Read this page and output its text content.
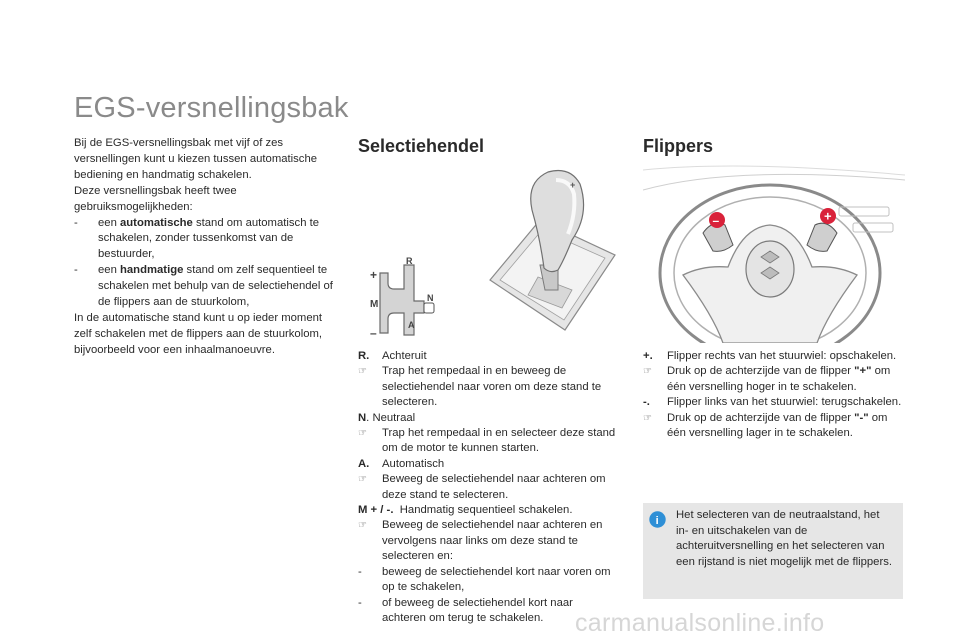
EGS-versnellingsbak

Bij de EGS-versnellingsbak met vijf of zes versnellingen kunt u kiezen tussen automatische bediening en handmatig schakelen.

Deze versnellingsbak heeft twee gebruiksmogelijkheden:

- een automatische stand om automatisch te schakelen, zonder tussenkomst van de bestuurder,

- een handmatige stand om zelf sequentieel te schakelen met behulp van de selectiehendel of de flippers aan de stuurkolom,

In de automatische stand kunt u op ieder moment zelf schakelen met de flippers aan de stuurkolom, bijvoorbeeld voor een inhaalmanoeuvre.

Selectiehendel	Flippers
+
M
–
R
N
A
+
–	+
R.	Achteruit
☞	Trap het rempedaal in en beweeg de selectiehendel naar voren om deze stand te selecteren.
N. Neutraal
☞	Trap het rempedaal in en selecteer deze stand om de motor te kunnen starten.
A.	Automatisch
☞	Beweeg de selectiehendel naar achteren om deze stand te selecteren.
M + / -. Handmatig sequentieel schakelen.
☞	Beweeg de selectiehendel naar achteren en vervolgens naar links om deze stand te selecteren en:
-	beweeg de selectiehendel kort naar voren om op te schakelen,
-	of beweeg de selectiehendel kort naar achteren om terug te schakelen.
+.	Flipper rechts van het stuurwiel: opschakelen.
☞	Druk op de achterzijde van de flipper "+" om één versnelling hoger in te schakelen.
-.	Flipper links van het stuurwiel: terugschakelen.
☞	Druk op de achterzijde van de flipper "-" om één versnelling lager in te schakelen.
i
Het selecteren van de neutraalstand, het in- en uitschakelen van de achteruitversnelling en het selecteren van een rijstand is niet mogelijk met de flippers.
carmanualsonline.info
